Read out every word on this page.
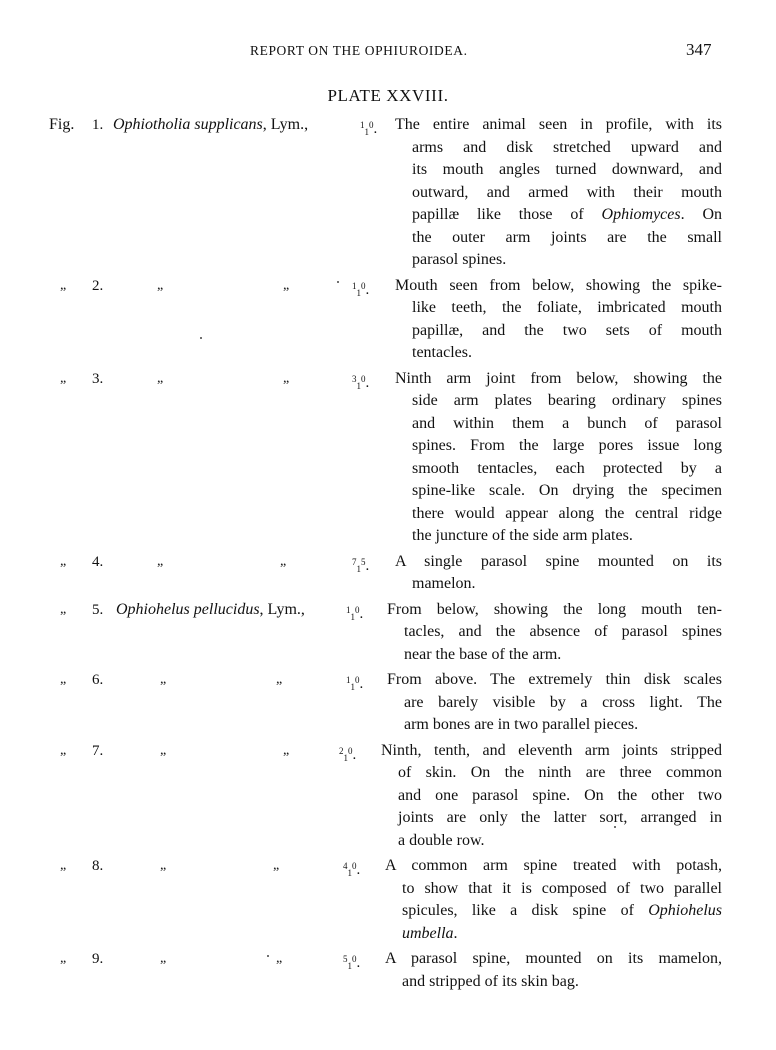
REPORT ON THE OPHIUROIDEA.	347
PLATE XXVIII.
Fig. 1. Ophiotholia supplicans, Lym.,	$^1_1^0$. The entire animal seen in profile, with its
arms and disk stretched upward and
its mouth angles turned downward, and
outward, and armed with their mouth
papillæ like those of Ophiomyces. On
the outer arm joints are the small
parasol spines.
„ 2.	„	„	$^1_1^0$. Mouth seen from below, showing the spike-
like teeth, the foliate, imbricated mouth
papillæ, and the two sets of mouth
tentacles.
„ 3.	„	„	$^3_1^0$. Ninth arm joint from below, showing the
side arm plates bearing ordinary spines
and within them a bunch of parasol
spines. From the large pores issue long
smooth tentacles, each protected by a
spine-like scale. On drying the specimen
there would appear along the central ridge
the juncture of the side arm plates.
„ 4.	„	„	$^7_1^5$. A single parasol spine mounted on its
mamelon.
„ 5. Ophiohelus pellucidus, Lym.,	$^1_1^0$. From below, showing the long mouth ten-
tacles, and the absence of parasol spines
near the base of the arm.
„ 6.	„	„	$^1_1^0$. From above. The extremely thin disk scales
are barely visible by a cross light. The
arm bones are in two parallel pieces.
„ 7.	„	„	$^2_1^0$. Ninth, tenth, and eleventh arm joints stripped
of skin. On the ninth are three common
and one parasol spine. On the other two
joints are only the latter sort, arranged in
a double row.
„ 8.	„	„	$^4_1^0$. A common arm spine treated with potash,
to show that it is composed of two parallel
spicules, like a disk spine of Ophiohelus
umbella.
„ 9.	„	„	$^5_1^0$. A parasol spine, mounted on its mamelon,
and stripped of its skin bag.
